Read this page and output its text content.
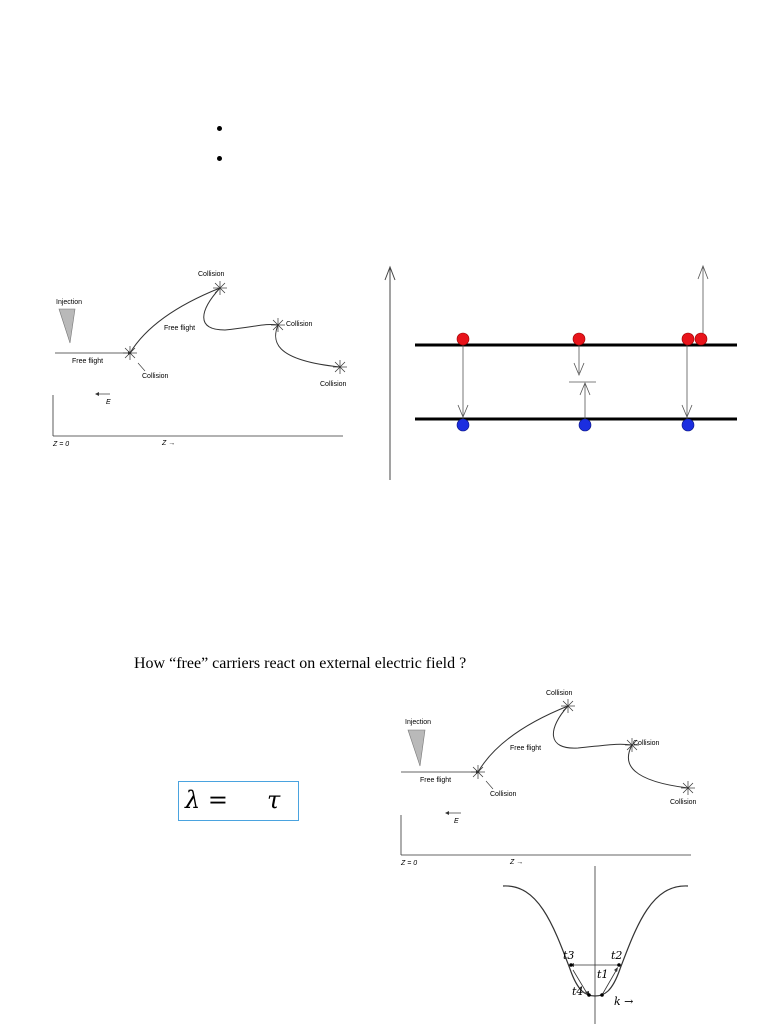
Injection
Free flight
Collision
Free flight
Collision
Collision
Collision
E
Z = 0	Z →
How “free” carriers react on external electric field ?
λ = τ
Injection
Free flight
Collision
Free flight
Collision
Collision
Collision
E
Z = 0	Z →
t3	t2
t1
t4
k →
